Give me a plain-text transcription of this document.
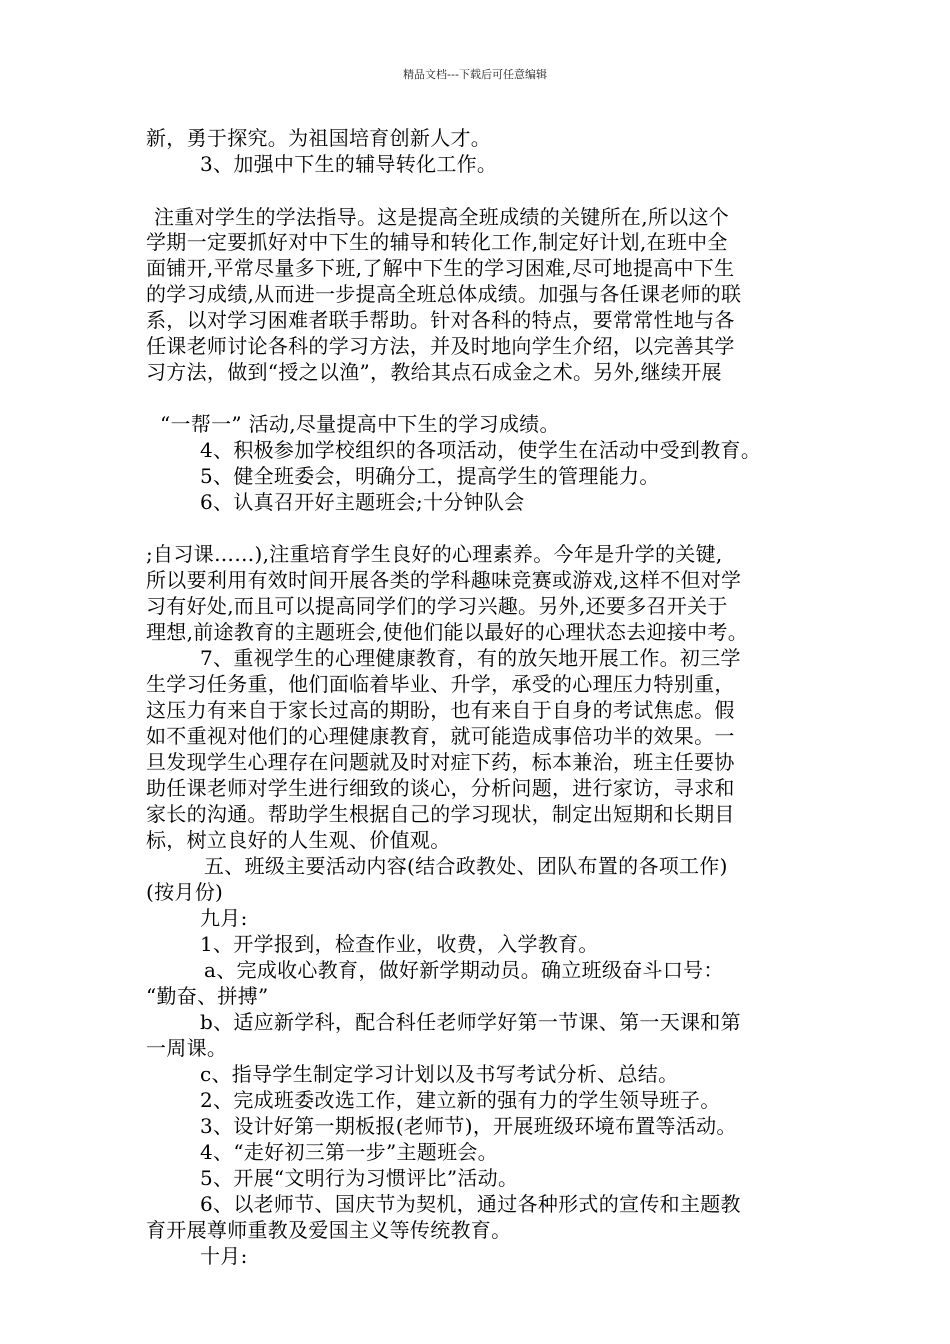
精品文档---下载后可任意编辑
新，勇于探究。为祖国培育创新人才。
3、加强中下生的辅导转化工作。
注重对学生的学法指导。这是提高全班成绩的关键所在,所以这个
学期一定要抓好对中下生的辅导和转化工作,制定好计划,在班中全
面铺开,平常尽量多下班,了解中下生的学习困难,尽可地提高中下生
的学习成绩,从而进一步提高全班总体成绩。加强与各任课老师的联
系，以对学习困难者联手帮助。针对各科的特点，要常常性地与各
任课老师讨论各科的学习方法，并及时地向学生介绍，以完善其学
习方法，做到“授之以渔”，教给其点石成金之术。另外,继续开展
“一帮一” 活动,尽量提高中下生的学习成绩。
4、积极参加学校组织的各项活动，使学生在活动中受到教育。
5、健全班委会，明确分工，提高学生的管理能力。
6、认真召开好主题班会;十分钟队会
;自习课……),注重培育学生良好的心理素养。今年是升学的关键,
所以要利用有效时间开展各类的学科趣味竞赛或游戏,这样不但对学
习有好处,而且可以提高同学们的学习兴趣。另外,还要多召开关于
理想,前途教育的主题班会,使他们能以最好的心理状态去迎接中考。
7、重视学生的心理健康教育，有的放矢地开展工作。初三学
生学习任务重，他们面临着毕业、升学，承受的心理压力特别重，
这压力有来自于家长过高的期盼，也有来自于自身的考试焦虑。假
如不重视对他们的心理健康教育，就可能造成事倍功半的效果。一
旦发现学生心理存在问题就及时对症下药，标本兼治，班主任要协
助任课老师对学生进行细致的谈心，分析问题，进行家访，寻求和
家长的沟通。帮助学生根据自己的学习现状，制定出短期和长期目
标，树立良好的人生观、价值观。
五、班级主要活动内容(结合政教处、团队布置的各项工作)
(按月份)
九月:
1、开学报到，检查作业，收费，入学教育。
a、完成收心教育，做好新学期动员。确立班级奋斗口号：
“勤奋、拼搏”
b、适应新学科，配合科任老师学好第一节课、第一天课和第
一周课。
c、指导学生制定学习计划以及书写考试分析、总结。
2、完成班委改选工作，建立新的强有力的学生领导班子。
3、设计好第一期板报(老师节)，开展班级环境布置等活动。
4、“走好初三第一步”主题班会。
5、开展“文明行为习惯评比”活动。
6、以老师节、国庆节为契机，通过各种形式的宣传和主题教
育开展尊师重教及爱国主义等传统教育。
十月:
